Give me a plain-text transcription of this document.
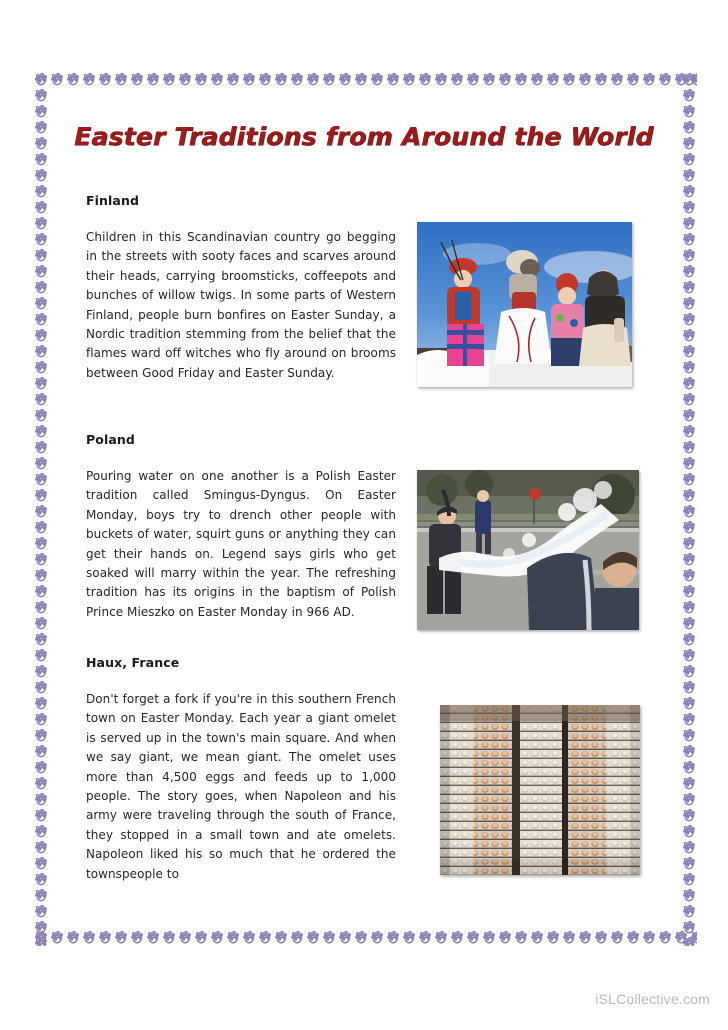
Easter Traditions from Around the World
Finland
Children in this Scandinavian country go begging in the streets with sooty faces and scarves around their heads, carrying broomsticks, coffeepots and bunches of willow twigs. In some parts of Western Finland, people burn bonfires on Easter Sunday, a Nordic tradition stemming from the belief that the flames ward off witches who fly around on brooms between Good Friday and Easter Sunday.
Poland
Pouring water on one another is a Polish Easter tradition called Smingus-Dyngus. On Easter Monday, boys try to drench other people with buckets of water, squirt guns or anything they can get their hands on. Legend says girls who get soaked will marry within the year. The refreshing tradition has its origins in the baptism of Polish Prince Mieszko on Easter Monday in 966 AD.
Haux, France
Don't forget a fork if you're in this southern French town on Easter Monday. Each year a giant omelet is served up in the town's main square. And when we say giant, we mean giant. The omelet uses more than 4,500 eggs and feeds up to 1,000 people. The story goes, when Napoleon and his army were traveling through the south of France, they stopped in a small town and ate omelets. Napoleon liked his so much that he ordered the townspeople to
iSLCollective.com
